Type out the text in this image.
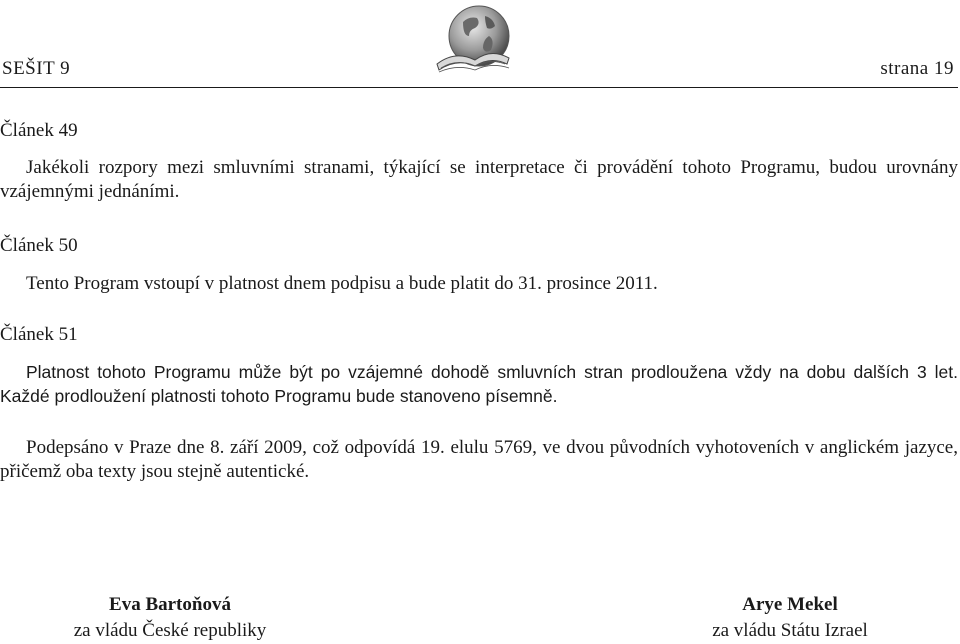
SEŠIT 9	strana 19
Článek 49
Jakékoli rozpory mezi smluvními stranami, týkající se interpretace či provádění tohoto Programu, budou urovnány vzájemnými jednáními.
Článek 50
Tento Program vstoupí v platnost dnem podpisu a bude platit do 31. prosince 2011.
Článek 51
Platnost tohoto Programu může být po vzájemné dohodě smluvních stran prodloužena vždy na dobu dalších 3 let. Každé prodloužení platnosti tohoto Programu bude stanoveno písemně.
Podepsáno v Praze dne 8. září 2009, což odpovídá 19. elulu 5769, ve dvou původních vyhotoveních v anglickém jazyce, přičemž oba texty jsou stejně autentické.
Eva Bartoňová
za vládu České republiky
Arye Mekel
za vládu Státu Izrael
